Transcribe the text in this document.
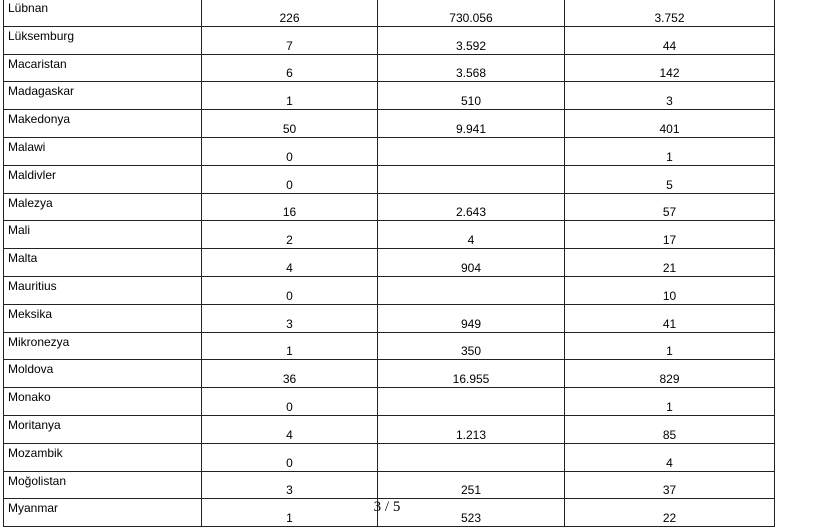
Lübnan	226	730.056	3.752
Lüksemburg	7	3.592	44
Macaristan	6	3.568	142
Madagaskar	1	510	3
Makedonya	50	9.941	401
Malawi	0		1
Maldivler	0		5
Malezya	16	2.643	57
Mali	2	4	17
Malta	4	904	21
Mauritius	0		10
Meksika	3	949	41
Mikronezya	1	350	1
Moldova	36	16.955	829
Monako	0		1
Moritanya	4	1.213	85
Mozambik	0		4
Moğolistan	3	251	37
Myanmar	1	523	22
3 / 5
